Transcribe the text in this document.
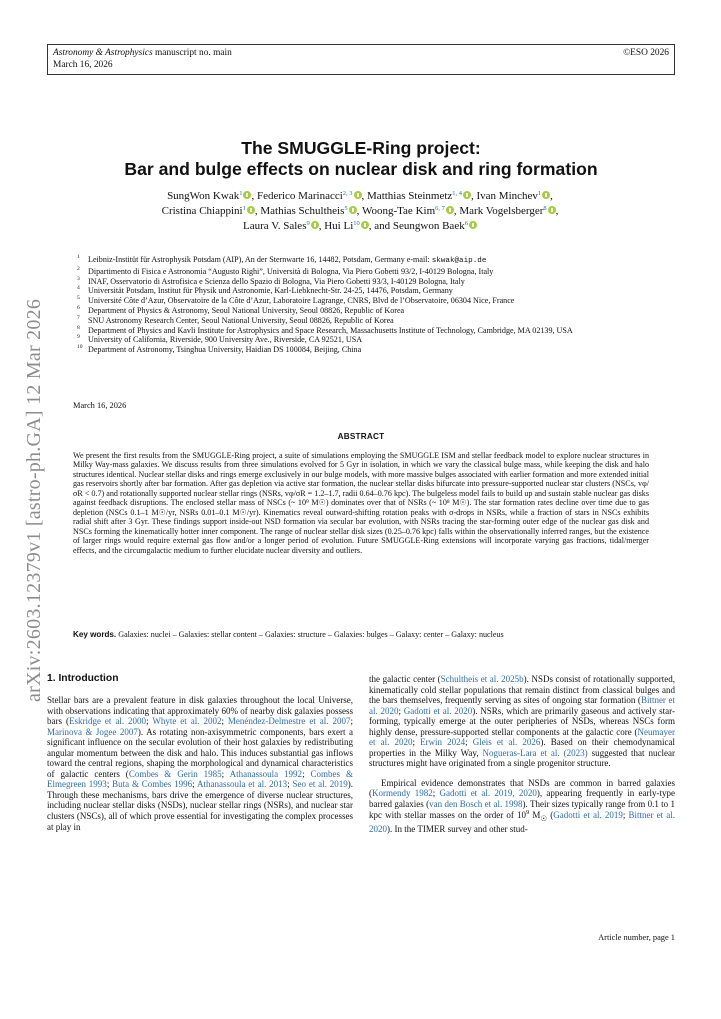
Astronomy & Astrophysics manuscript no. main
March 16, 2026
©ESO 2026
arXiv:2603.12379v1 [astro-ph.GA] 12 Mar 2026
The SMUGGLE-Ring project:
Bar and bulge effects on nuclear disk and ring formation
SungWon Kwak$^1$ , Federico Marinacci$^{2, 3}$ , Matthias Steinmetz$^{1, 4}$ , Ivan Minchev$^1$ ,
Cristina Chiappini$^1$ , Mathias Schultheis$^5$ , Woong-Tae Kim$^{6, 7}$ , Mark Vogelsberger$^8$ ,
Laura V. Sales$^9$ , Hui Li$^{10}$ , and Seungwon Baek$^6$
1 Leibniz-Institüt für Astrophysik Potsdam (AIP), An der Sternwarte 16, 14482, Potsdam, Germany e-mail: skwak@aip.de
2 Dipartimento di Fisica e Astronomia “Augusto Righi”, Università di Bologna, Via Piero Gobetti 93/2, I-40129 Bologna, Italy
3 INAF, Osservatorio di Astrofisica e Scienza dello Spazio di Bologna, Via Piero Gobetti 93/3, I-40129 Bologna, Italy
4 Universität Potsdam, Institut für Physik und Astronomie, Karl-Liebknecht-Str. 24-25, 14476, Potsdam, Germany
5 Université Côte d’Azur, Observatoire de la Côte d’Azur, Laboratoire Lagrange, CNRS, Blvd de l’Observatoire, 06304 Nice, France
6 Department of Physics & Astronomy, Seoul National University, Seoul 08826, Republic of Korea
7 SNU Astronomy Research Center, Seoul National University, Seoul 08826, Republic of Korea
8 Department of Physics and Kavli Institute for Astrophysics and Space Research, Massachusetts Institute of Technology, Cambridge, MA 02139, USA
9 University of California, Riverside, 900 University Ave., Riverside, CA 92521, USA
10 Department of Astronomy, Tsinghua University, Haidian DS 100084, Beijing, China
March 16, 2026
ABSTRACT
We present the first results from the SMUGGLE-Ring project, a suite of simulations employing the SMUGGLE ISM and stellar feedback model to explore nuclear structures in Milky Way-mass galaxies. We discuss results from three simulations evolved for 5 Gyr in isolation, in which we vary the classical bulge mass, while keeping the disk and halo structures identical. Nuclear stellar disks and rings emerge exclusively in our bulge models, with more massive bulges associated with earlier formation and more extended initial gas reservoirs shortly after bar formation. After gas depletion via active star formation, the nuclear stellar disks bifurcate into pressure-supported nuclear star clusters (NSCs, vφ/σR < 0.7) and rotationally supported nuclear stellar rings (NSRs, vφ/σR = 1.2–1.7, radii 0.64–0.76 kpc). The bulgeless model fails to build up and sustain stable nuclear gas disks against feedback disruptions. The enclosed stellar mass of NSCs (~ 10⁹ M☉) dominates over that of NSRs (~ 10⁸ M☉). The star formation rates decline over time due to gas depletion (NSCs 0.1–1 M☉/yr, NSRs 0.01–0.1 M☉/yr). Kinematics reveal outward-shifting rotation peaks with σ-drops in NSRs, while a fraction of stars in NSCs exhibits radial shift after 3 Gyr. These findings support inside-out NSD formation via secular bar evolution, with NSRs tracing the star-forming outer edge of the nuclear gas disk and NSCs forming the kinematically hotter inner component. The range of nuclear stellar disk sizes (0.25–0.76 kpc) falls within the observationally inferred ranges, but the existence of larger rings would require external gas flow and/or a longer period of evolution. Future SMUGGLE-Ring extensions will incorporate varying gas fractions, tidal/merger effects, and the circumgalactic medium to further elucidate nuclear diversity and outliers.
Key words. Galaxies: nuclei – Galaxies: stellar content – Galaxies: structure – Galaxies: bulges – Galaxy: center – Galaxy: nucleus
1. Introduction

Stellar bars are a prevalent feature in disk galaxies throughout the local Universe, with observations indicating that approximately 60% of nearby disk galaxies possess bars (Eskridge et al. 2000; Whyte et al. 2002; Menéndez-Delmestre et al. 2007; Marinova & Jogee 2007). As rotating non-axisymmetric components, bars exert a significant influence on the secular evolution of their host galaxies by redistributing angular momentum between the disk and halo. This induces substantial gas inflows toward the central regions, shaping the morphological and dynamical characteristics of galactic centers (Combes & Gerin 1985; Athanassoula 1992; Combes & Elmegreen 1993; Buta & Combes 1996; Athanassoula et al. 2013; Seo et al. 2019). Through these mechanisms, bars drive the emergence of diverse nuclear structures, including nuclear stellar disks (NSDs), nuclear stellar rings (NSRs), and nuclear star clusters (NSCs), all of which prove essential for investigating the complex processes at play in

the galactic center (Schultheis et al. 2025b). NSDs consist of rotationally supported, kinematically cold stellar populations that remain distinct from classical bulges and the bars themselves, frequently serving as sites of ongoing star formation (Bittner et al. 2020; Gadotti et al. 2020). NSRs, which are primarily gaseous and actively star-forming, typically emerge at the outer peripheries of NSDs, whereas NSCs form highly dense, pressure-supported stellar components at the galactic core (Neumayer et al. 2020; Erwin 2024; Gleis et al. 2026). Based on their chemodynamical properties in the Milky Way, Nogueras-Lara et al. (2023) suggested that nuclear structures might have originated from a single progenitor structure.

Empirical evidence demonstrates that NSDs are common in barred galaxies (Kormendy 1982; Gadotti et al. 2019, 2020), appearing frequently in early-type barred galaxies (van den Bosch et al. 1998). Their sizes typically range from 0.1 to 1 kpc with stellar masses on the order of $10^9$ $M_☉$ (Gadotti et al. 2019; Bittner et al. 2020). In the TIMER survey and other stud-

Article number, page 1
